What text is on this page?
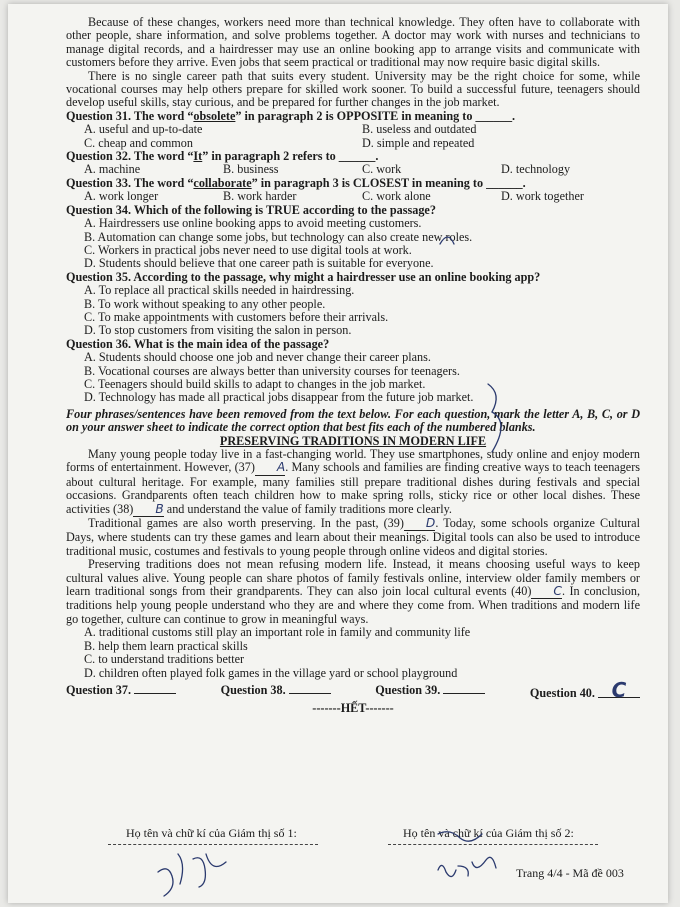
Because of these changes, workers need more than technical knowledge. They often have to collaborate with other people, share information, and solve problems together. A doctor may work with nurses and technicians to manage digital records, and a hairdresser may use an online booking app to arrange visits and communicate with customers before they arrive. Even jobs that seem practical or traditional may now require basic digital skills.

There is no single career path that suits every student. University may be the right choice for some, while vocational courses may help others prepare for skilled work sooner. To build a successful future, teenagers should develop useful skills, stay curious, and be prepared for further changes in the job market.

Question 31. The word “obsolete” in paragraph 2 is OPPOSITE in meaning to ______.

A. useful and up-to-date	B. useless and outdated
C. cheap and common	D. simple and repeated

Question 32. The word “It” in paragraph 2 refers to ______.

A. machine	B. business	C. work	D. technology

Question 33. The word “collaborate” in paragraph 3 is CLOSEST in meaning to ______.

A. work longer	B. work harder	C. work alone	D. work together

Question 34. Which of the following is TRUE according to the passage?

A. Hairdressers use online booking apps to avoid meeting customers.

B. Automation can change some jobs, but technology can also create new roles.

C. Workers in practical jobs never need to use digital tools at work.

D. Students should believe that one career path is suitable for everyone.

Question 35. According to the passage, why might a hairdresser use an online booking app?

A. To replace all practical skills needed in hairdressing.

B. To work without speaking to any other people.

C. To make appointments with customers before their arrivals.

D. To stop customers from visiting the salon in person.

Question 36. What is the main idea of the passage?

A. Students should choose one job and never change their career plans.

B. Vocational courses are always better than university courses for teenagers.

C. Teenagers should build skills to adapt to changes in the job market.

D. Technology has made all practical jobs disappear from the future job market.

Four phrases/sentences have been removed from the text below. For each question, mark the letter A, B, C, or D on your answer sheet to indicate the correct option that best fits each of the numbered blanks.

PRESERVING TRADITIONS IN MODERN LIFE

Many young people today live in a fast-changing world. They use smartphones, study online and enjoy modern forms of entertainment. However, (37) A. Many schools and families are finding creative ways to teach teenagers about cultural heritage. For example, many families still prepare traditional dishes during festivals and special occasions. Grandparents often teach children how to make spring rolls, sticky rice or other local dishes. These activities (38) B and understand the value of family traditions more clearly.

Traditional games are also worth preserving. In the past, (39) D. Today, some schools organize Cultural Days, where students can try these games and learn about their meanings. Digital tools can also be used to introduce traditional music, costumes and festivals to young people through online videos and digital stories.

Preserving traditions does not mean refusing modern life. Instead, it means choosing useful ways to keep cultural values alive. Young people can share photos of family festivals online, interview older family members or learn traditional songs from their grandparents. They can also join local cultural events (40) C. In conclusion, traditions help young people understand who they are and where they come from. When traditions and modern life go together, culture can continue to grow in meaningful ways.

A. traditional customs still play an important role in family and community life

B. help them learn practical skills

C. to understand traditions better

D. children often played folk games in the village yard or school playground

Question 37.	Question 38.	Question 39.	Question 40. C

-------HẾT-------

Họ tên và chữ kí của Giám thị số 1:	Họ tên và chữ kí của Giám thị số 2:
Trang 4/4 - Mã đề 003
